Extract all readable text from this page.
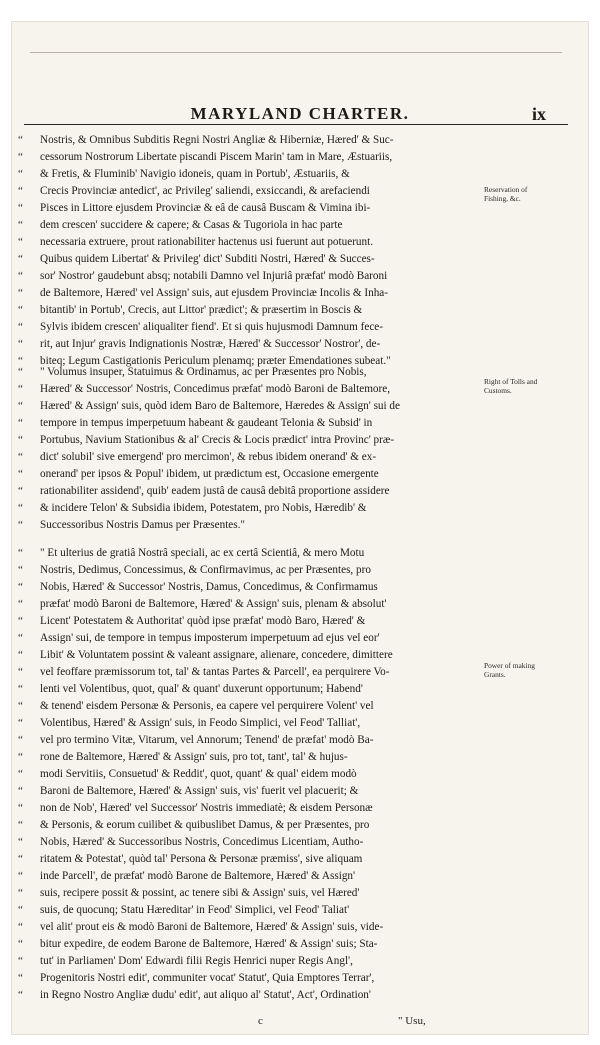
MARYLAND CHARTER.	ix
“ Nostris, & Omnibus Subditis Regni Nostri Angliæ & Hiberniæ, Hæred' & Suc-
“ cessorum Nostrorum Libertate piscandi Piscem Marin' tam in Mare, Æstuariis,
“ & Fretis, & Fluminib' Navigio idoneis, quam in Portub', Æstuariis, &
“ Crecis Provinciæ antedict', ac Privileg' saliendi, exsiccandi, & arefaciendi
“ Pisces in Littore ejusdem Provinciæ & eâ de causâ Buscam & Vimina ibi-
“ dem crescen' succidere & capere; & Casas & Tugoriola in hac parte
“ necessaria extruere, prout rationabiliter hactenus usi fuerunt aut potuerunt.
“ Quibus quidem Libertat' & Privileg' dict' Subditi Nostri, Hæred' & Succes-
“ sor' Nostror' gaudebunt absq; notabili Damno vel Injuriâ præfat' modò Baroni
“ de Baltemore, Hæred' vel Assign' suis, aut ejusdem Provinciæ Incolis & Inha-
“ bitantib' in Portub', Crecis, aut Littor' prædict'; & præsertim in Boscis &
“ Sylvis ibidem crescen' aliqualiter fiend'. Et si quis hujusmodi Damnum fece-
“ rit, aut Injur' gravis Indignationis Nostræ, Hæred' & Successor' Nostror', de-
“ biteq; Legum Castigationis Periculum plenamq; præter Emendationes subeat."
“ " Volumus insuper, Statuimus & Ordinamus, ac per Præsentes pro Nobis,
“ Hæred' & Successor' Nostris, Concedimus præfat' modò Baroni de Baltemore,
“ Hæred' & Assign' suis, quòd idem Baro de Baltemore, Hæredes & Assign' sui de
“ tempore in tempus imperpetuum habeant & gaudeant Telonia & Subsid' in
“ Portubus, Navium Stationibus & al' Crecis & Locis prædict' intra Provinc' præ-
“ dict' solubil' sive emergend' pro mercimon', & rebus ibidem onerand' & ex-
“ onerand' per ipsos & Popul' ibidem, ut prædictum est, Occasione emergente
“ rationabiliter assidend', quib' eadem justâ de causâ debitâ proportione assidere
“ & incidere Telon' & Subsidia ibidem, Potestatem, pro Nobis, Hæredib' &
“ Successoribus Nostris Damus per Præsentes."
“ " Et ulterius de gratiâ Nostrâ speciali, ac ex certâ Scientiâ, & mero Motu
“ Nostris, Dedimus, Concessimus, & Confirmavimus, ac per Præsentes, pro
“ Nobis, Hæred' & Successor' Nostris, Damus, Concedimus, & Confirmamus
“ præfat' modò Baroni de Baltemore, Hæred' & Assign' suis, plenam & absolut'
“ Licent' Potestatem & Authoritat' quòd ipse præfat' modò Baro, Hæred' &
“ Assign' sui, de tempore in tempus imposterum imperpetuum ad ejus vel eor'
“ Libit' & Voluntatem possint & valeant assignare, alienare, concedere, dimittere
“ vel feoffare præmissorum tot, tal' & tantas Partes & Parcell', ea perquirere Vo-
“ lenti vel Volentibus, quot, qual' & quant' duxerunt opportunum; Habend'
“ & tenend' eisdem Personæ & Personis, ea capere vel perquirere Volent' vel
“ Volentibus, Hæred' & Assign' suis, in Feodo Simplici, vel Feod' Talliat',
“ vel pro termino Vitæ, Vitarum, vel Annorum; Tenend' de præfat' modò Ba-
“ rone de Baltemore, Hæred' & Assign' suis, pro tot, tant', tal' & hujus-
“ modi Servitiis, Consuetud' & Reddit', quot, quant' & qual' eidem modò
“ Baroni de Baltemore, Hæred' & Assign' suis, vis' fuerit vel placuerit; &
“ non de Nob', Hæred' vel Successor' Nostris immediatè; & eisdem Personæ
“ & Personis, & eorum cuilibet & quibuslibet Damus, & per Præsentes, pro
“ Nobis, Hæred' & Successoribus Nostris, Concedimus Licentiam, Autho-
“ ritatem & Potestat', quòd tal' Persona & Personæ præmiss', sive aliquam
“ inde Parcell', de præfat' modò Barone de Baltemore, Hæred' & Assign'
“ suis, recipere possit & possint, ac tenere sibi & Assign' suis, vel Hæred'
“ suis, de quocunq; Statu Hæreditar' in Feod' Simplici, vel Feod' Taliat'
“ vel alit' prout eis & modò Baroni de Baltemore, Hæred' & Assign' suis, vide-
“ bitur expedire, de eodem Barone de Baltemore, Hæred' & Assign' suis; Sta-
“ tut' in Parliamen' Dom' Edwardi filii Regis Henrici nuper Regis Angl',
“ Progenitoris Nostri edit', communiter vocat' Statut', Quia Emptores Terrar',
“ in Regno Nostro Angliæ dudu' edit', aut aliquo al' Statut', Act', Ordination'
Reservation of Fishing, &c.
Right of Tolls and Customs.
Power of making Grants.
c	" Usu,
